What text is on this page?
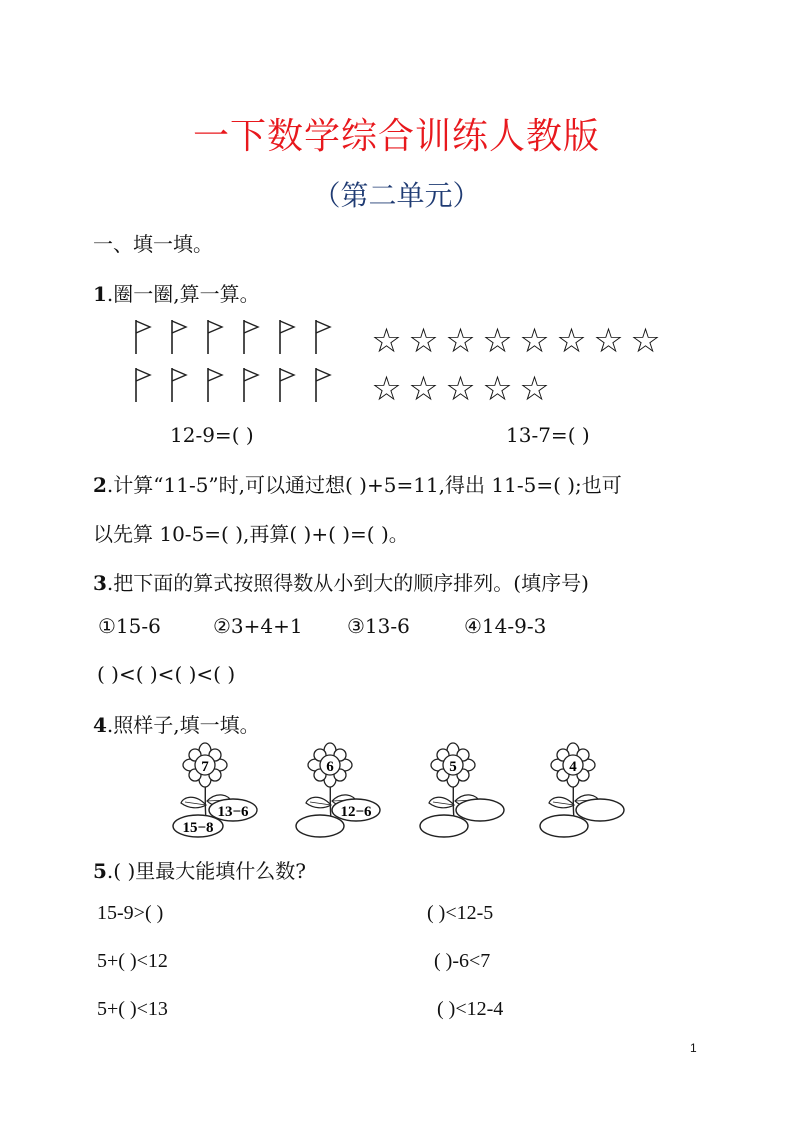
一下数学综合训练人教版
（第二单元）
一、填一填。
1.圈一圈,算一算。
☆ ☆ ☆ ☆ ☆ ☆ ☆ ☆
☆ ☆ ☆ ☆ ☆
12-9=( )	13-7=( )
2.计算“11-5”时,可以通过想( )+5=11,得出 11-5=( );也可
以先算 10-5=( ),再算( )+( )=( )。
3.把下面的算式按照得数从小到大的顺序排列。(填序号)
①15-6	②3+4+1 ③13-6	④14-9-3
( )<( )<( )<( )
4.照样子,填一填。
7
13−6
15−8
6
12−6
5	4
5.( )里最大能填什么数?
15-9>( )	( )<12-5
5+( )<12	( )-6<7
5+( )<13	( )<12-4
1
